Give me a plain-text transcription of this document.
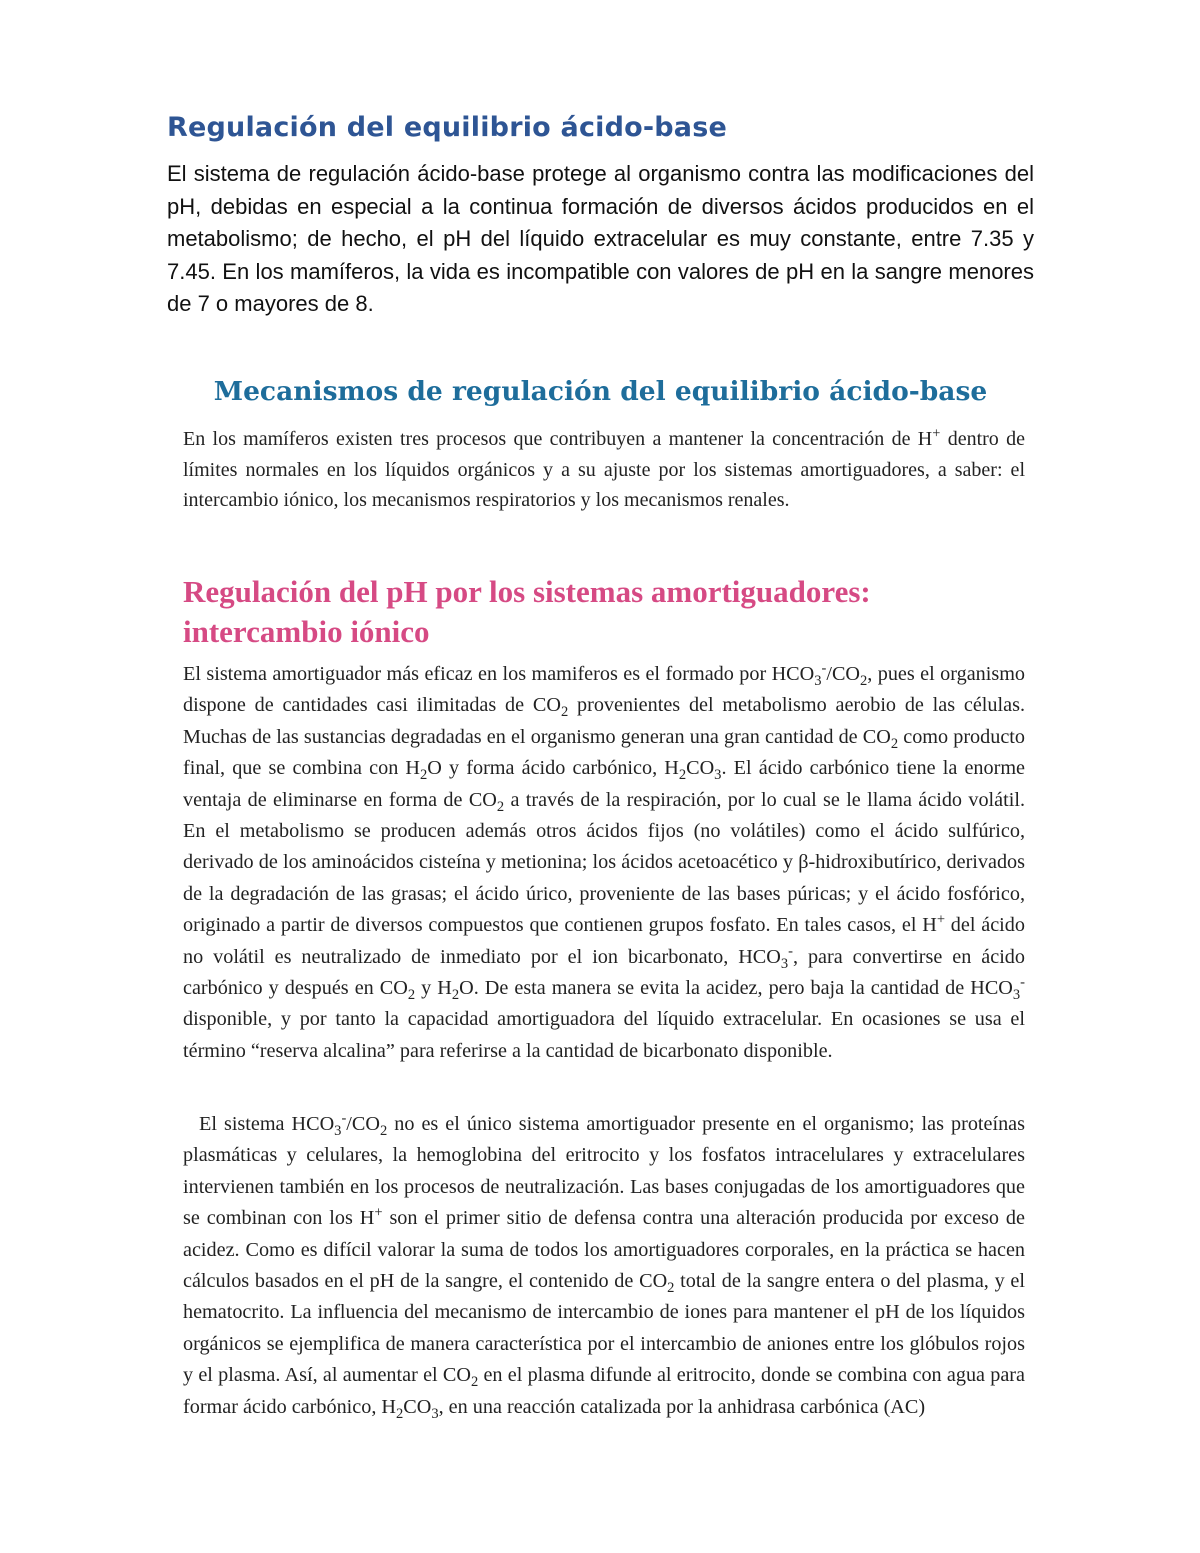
Regulación del equilibrio ácido-base

El sistema de regulación ácido-base protege al organismo contra las modificaciones del pH, debidas en especial a la continua formación de diversos ácidos producidos en el metabolismo; de hecho, el pH del líquido extracelular es muy constante, entre 7.35 y 7.45. En los mamíferos, la vida es incompatible con valores de pH en la sangre menores de 7 o mayores de 8.

Mecanismos de regulación del equilibrio ácido-base

En los mamíferos existen tres procesos que contribuyen a mantener la concentración de H+ dentro de límites normales en los líquidos orgánicos y a su ajuste por los sistemas amortiguadores, a saber: el intercambio iónico, los mecanismos respiratorios y los mecanismos renales.

Regulación del pH por los sistemas amortiguadores:
intercambio iónico

El sistema amortiguador más eficaz en los mamiferos es el formado por $HCO_3^-/CO_2$, pues el organismo dispone de cantidades casi ilimitadas de $CO_2$ provenientes del metabolismo aerobio de las células. Muchas de las sustancias degradadas en el organismo generan una gran cantidad de $CO_2$ como producto final, que se combina con $H_2O$ y forma ácido carbónico, $H_2CO_3$. El ácido carbónico tiene la enorme ventaja de eliminarse en forma de $CO_2$ a través de la respiración, por lo cual se le llama ácido volátil. En el metabolismo se producen además otros ácidos fijos (no volátiles) como el ácido sulfúrico, derivado de los aminoácidos cisteína y metionina; los ácidos acetoacético y β-hidroxibutírico, derivados de la degradación de las grasas; el ácido úrico, proveniente de las bases púricas; y el ácido fosfórico, originado a partir de diversos compuestos que contienen grupos fosfato. En tales casos, el H+ del ácido no volátil es neutralizado de inmediato por el ion bicarbonato, $HCO_3^-$, para convertirse en ácido carbónico y después en $CO_2$ y $H_2O$. De esta manera se evita la acidez, pero baja la cantidad de $HCO_3^-$ disponible, y por tanto la capacidad amortiguadora del líquido extracelular. En ocasiones se usa el término “reserva alcalina” para referirse a la cantidad de bicarbonato disponible.

El sistema $HCO_3^-/CO_2$ no es el único sistema amortiguador presente en el organismo; las proteínas plasmáticas y celulares, la hemoglobina del eritrocito y los fosfatos intracelulares y extracelulares intervienen también en los procesos de neutralización. Las bases conjugadas de los amortiguadores que se combinan con los H+ son el primer sitio de defensa contra una alteración producida por exceso de acidez. Como es difícil valorar la suma de todos los amortiguadores corporales, en la práctica se hacen cálculos basados en el pH de la sangre, el contenido de $CO_2$ total de la sangre entera o del plasma, y el hematocrito. La influencia del mecanismo de intercambio de iones para mantener el pH de los líquidos orgánicos se ejemplifica de manera característica por el intercambio de aniones entre los glóbulos rojos y el plasma. Así, al aumentar el $CO_2$ en el plasma difunde al eritrocito, donde se combina con agua para formar ácido carbónico, $H_2CO_3$, en una reacción catalizada por la anhidrasa carbónica (AC)
